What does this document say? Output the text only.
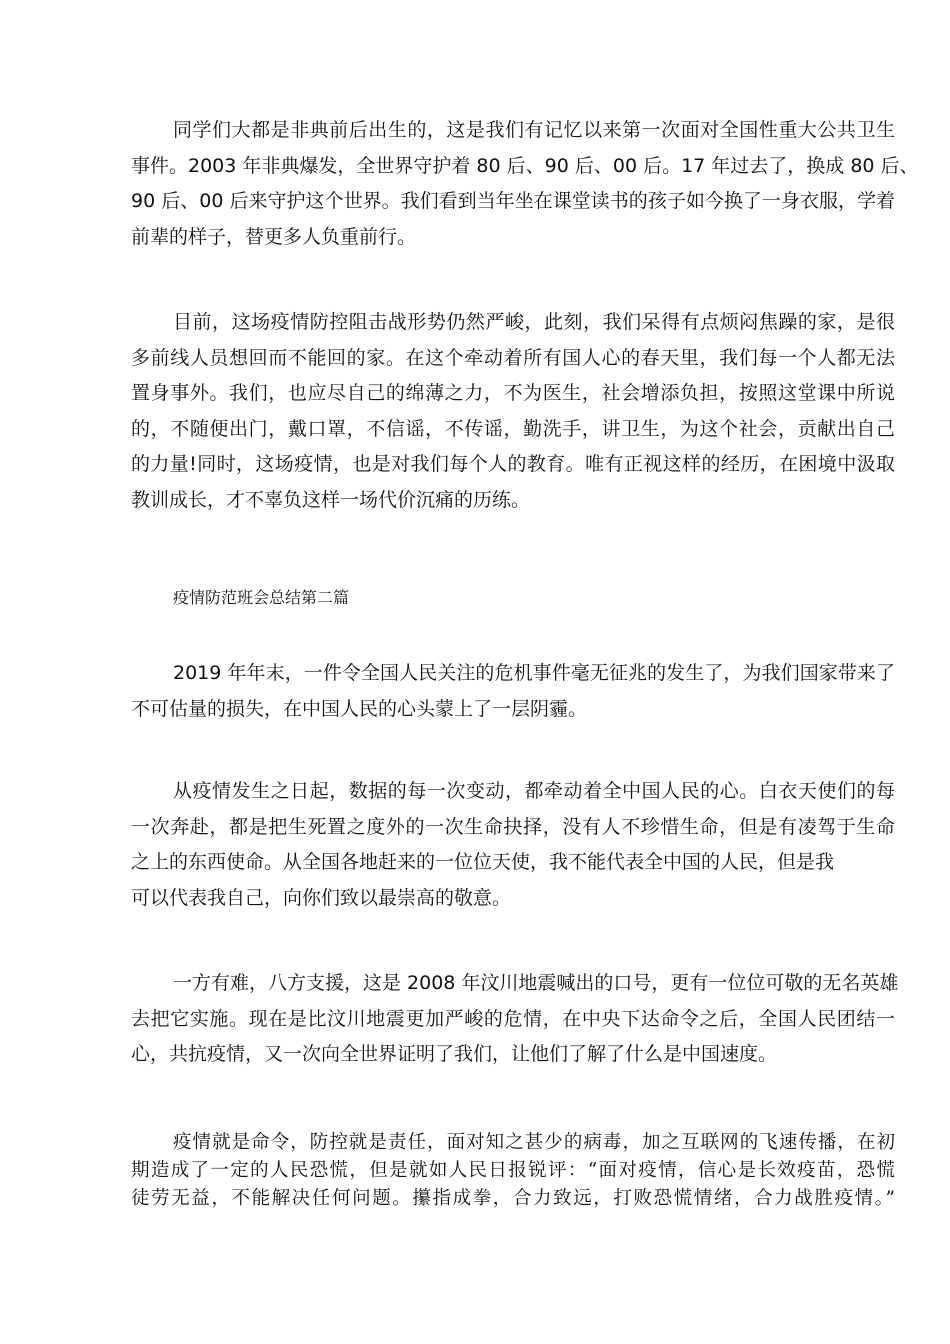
同学们大都是非典前后出生的，这是我们有记忆以来第一次面对全国性重大公共卫生
事件。2003 年非典爆发，全世界守护着 80 后、90 后、00 后。17 年过去了，换成 80 后、
90 后、00 后来守护这个世界。我们看到当年坐在课堂读书的孩子如今换了一身衣服，学着
前辈的样子，替更多人负重前行。
目前，这场疫情防控阻击战形势仍然严峻，此刻，我们呆得有点烦闷焦躁的家，是很
多前线人员想回而不能回的家。在这个牵动着所有国人心的春天里，我们每一个人都无法
置身事外。我们，也应尽自己的绵薄之力，不为医生，社会增添负担，按照这堂课中所说
的，不随便出门，戴口罩，不信谣，不传谣，勤洗手，讲卫生，为这个社会，贡献出自己
的力量!同时，这场疫情，也是对我们每个人的教育。唯有正视这样的经历，在困境中汲取
教训成长，才不辜负这样一场代价沉痛的历练。
疫情防范班会总结第二篇
2019 年年末，一件令全国人民关注的危机事件毫无征兆的发生了，为我们国家带来了
不可估量的损失，在中国人民的心头蒙上了一层阴霾。
从疫情发生之日起，数据的每一次变动，都牵动着全中国人民的心。白衣天使们的每
一次奔赴，都是把生死置之度外的一次生命抉择，没有人不珍惜生命，但是有凌驾于生命
之上的东西使命。从全国各地赶来的一位位天使，我不能代表全中国的人民，但是我
可以代表我自己，向你们致以最崇高的敬意。
一方有难，八方支援，这是 2008 年汶川地震喊出的口号，更有一位位可敬的无名英雄
去把它实施。现在是比汶川地震更加严峻的危情，在中央下达命令之后，全国人民团结一
心，共抗疫情，又一次向全世界证明了我们，让他们了解了什么是中国速度。
疫情就是命令，防控就是责任，面对知之甚少的病毒，加之互联网的飞速传播，在初
期造成了一定的人民恐慌，但是就如人民日报锐评：“面对疫情，信心是长效疫苗，恐慌
徒劳无益，不能解决任何问题。攥指成拳，合力致远，打败恐慌情绪，合力战胜疫情。”
